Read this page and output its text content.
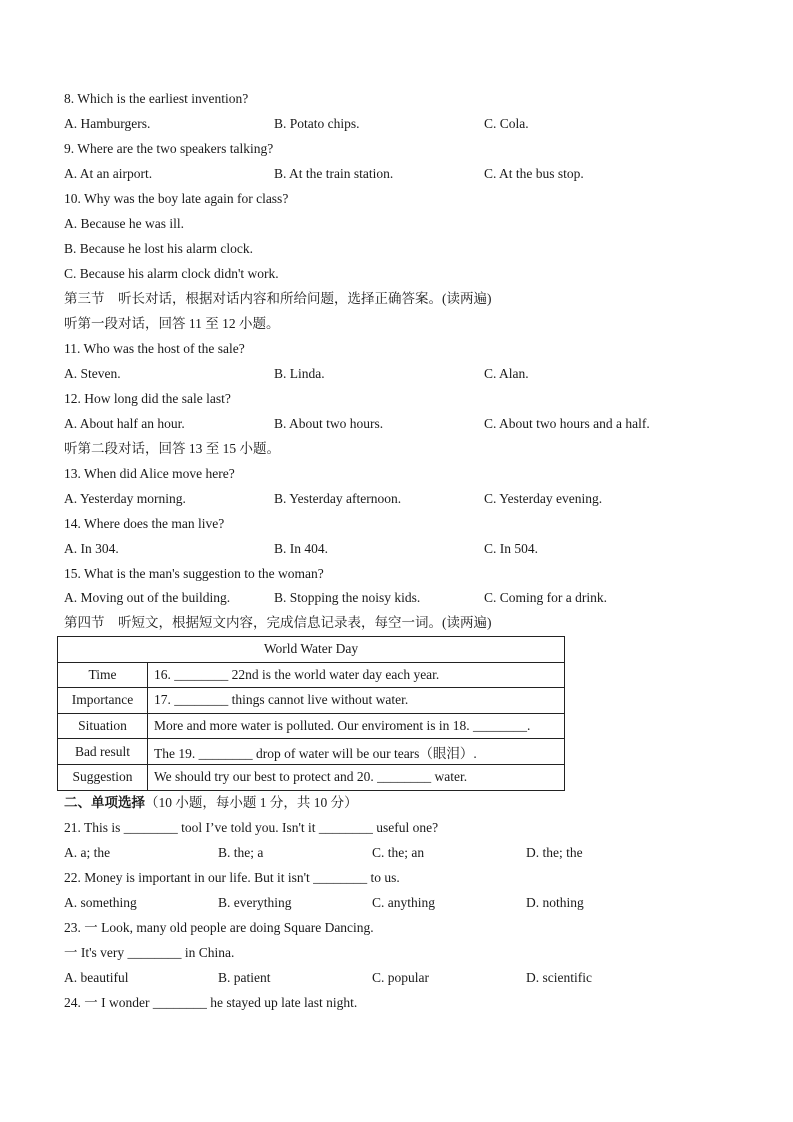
8. Which is the earliest invention?
A. Hamburgers.	B. Potato chips.	C. Cola.
9. Where are the two speakers talking?
A. At an airport.	B. At the train station.	C. At the bus stop.
10. Why was the boy late again for class?
A. Because he was ill.
B. Because he lost his alarm clock.
C. Because his alarm clock didn't work.
第三节　听长对话，根据对话内容和所给问题，选择正确答案。(读两遍)
听第一段对话，回答 11 至 12 小题。
11. Who was the host of the sale?
A. Steven.	B. Linda.	C. Alan.
12. How long did the sale last?
A. About half an hour.	B. About two hours.	C. About two hours and a half.
听第二段对话，回答 13 至 15 小题。
13. When did Alice move here?
A. Yesterday morning.	B. Yesterday afternoon.	C. Yesterday evening.
14. Where does the man live?
A. In 304.	B. In 404.	C. In 504.
15. What is the man's suggestion to the woman?
A. Moving out of the building.	B. Stopping the noisy kids.	C. Coming for a drink.
第四节　听短文，根据短文内容，完成信息记录表，每空一词。(读两遍)
World Water Day	
Time	16. ________ 22nd is the world water day each year.
Importance	17. ________ things cannot live without water.
Situation	More and more water is polluted. Our enviroment is in 18. ________.
Bad result	The 19. ________ drop of water will be our tears（眼泪）.
Suggestion	We should try our best to protect and 20. ________ water.
二、单项选择（10 小题，每小题 1 分，共 10 分）
21. This is ________ tool I’ve told you. Isn't it ________ useful one?
A. a; the	B. the; a	C. the; an	D. the; the
22. Money is important in our life. But it isn't ________ to us.
A. something	B. everything	C. anything	D. nothing
23. 一 Look, many old people are doing Square Dancing.
一 It's very ________ in China.
A. beautiful	B. patient	C. popular	D. scientific
24. 一 I wonder ________ he stayed up late last night.
